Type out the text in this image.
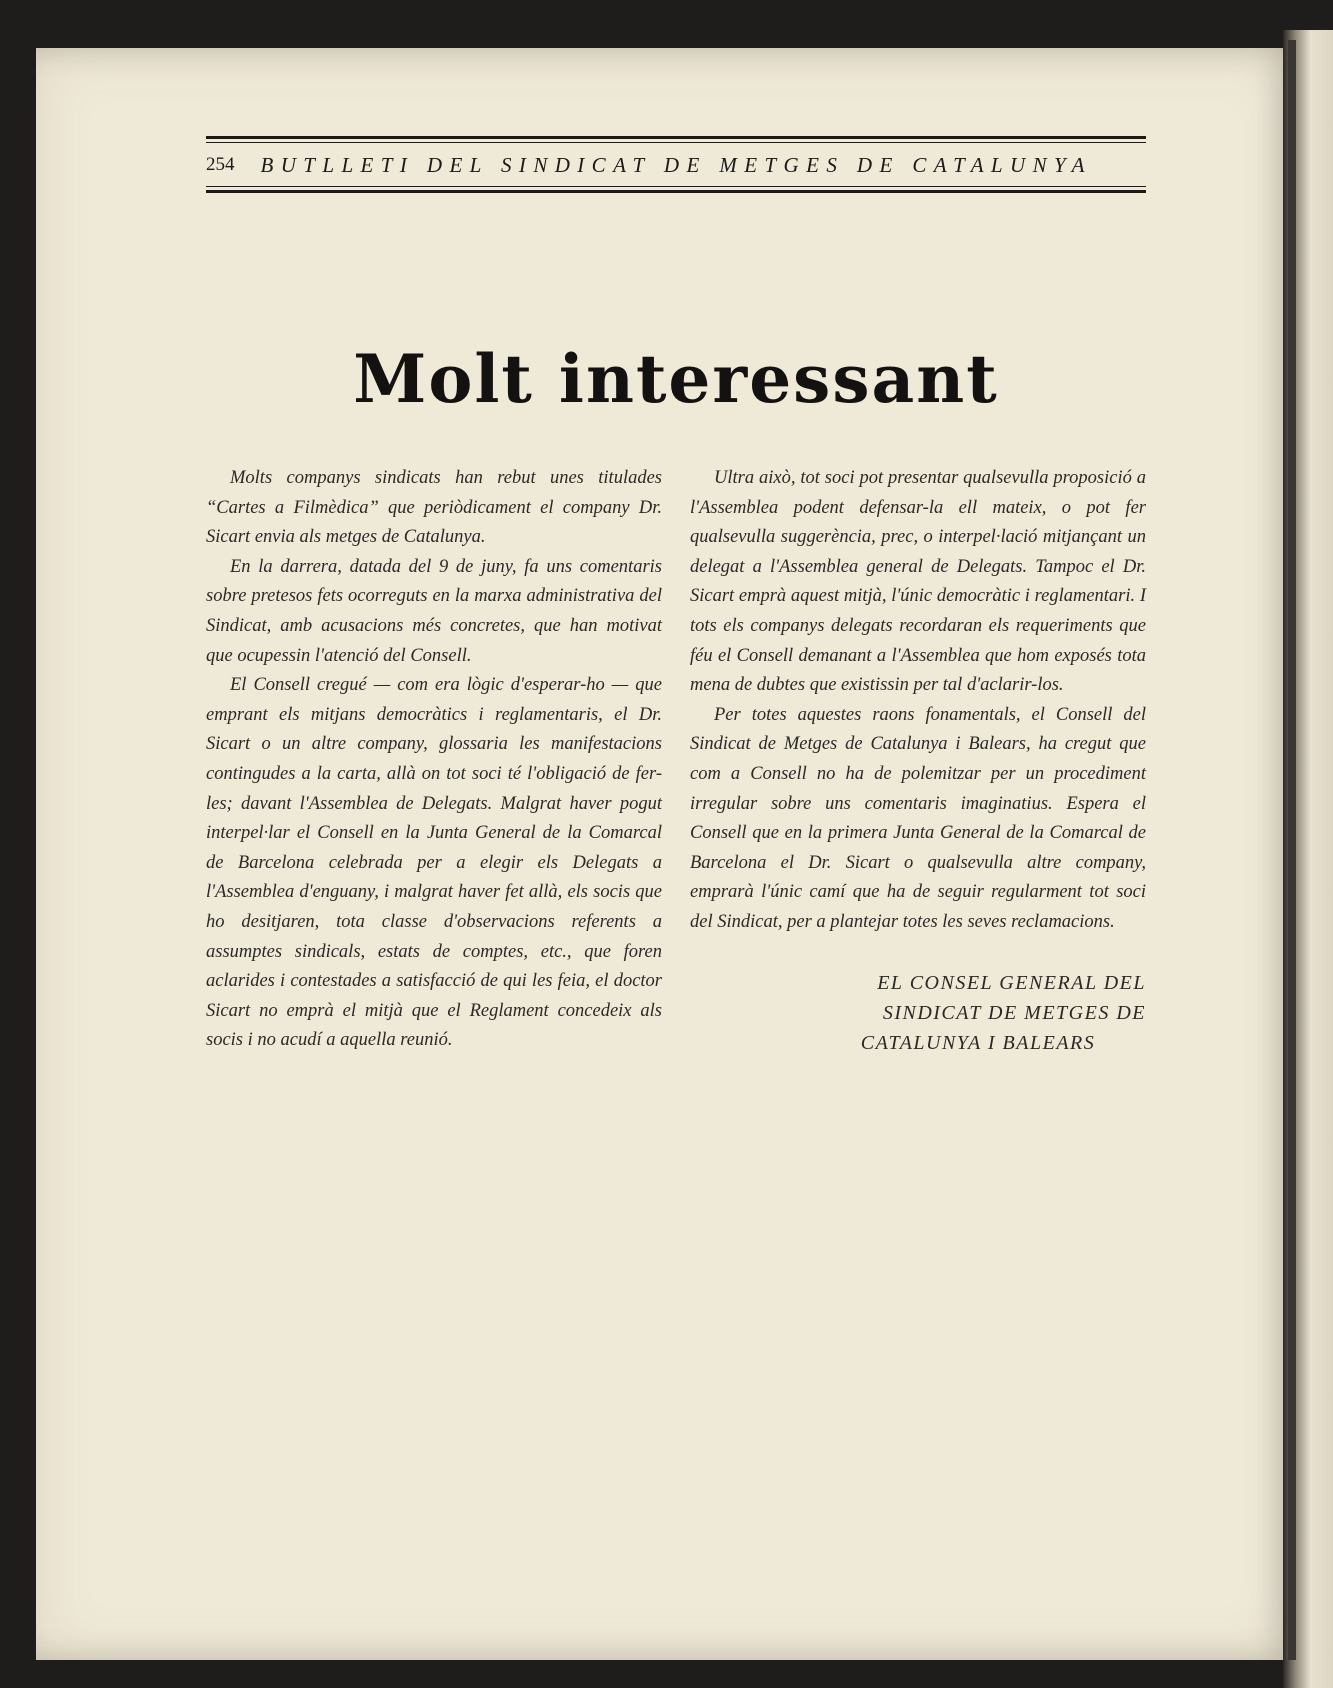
254	BUTLLETI DEL SINDICAT DE METGES DE CATALUNYA
Molt interessant

Molts companys sindicats han rebut unes titulades “Cartes a Filmèdica” que periòdicament el company Dr. Sicart envia als metges de Catalunya.

En la darrera, datada del 9 de juny, fa uns comentaris sobre pretesos fets ocorreguts en la marxa administrativa del Sindicat, amb acusacions més concretes, que han motivat que ocupessin l'atenció del Consell.

El Consell cregué — com era lògic d'esperar-ho — que emprant els mitjans democràtics i reglamentaris, el Dr. Sicart o un altre company, glossaria les manifestacions contingudes a la carta, allà on tot soci té l'obligació de fer-les; davant l'Assemblea de Delegats. Malgrat haver pogut interpel·lar el Consell en la Junta General de la Comarcal de Barcelona celebrada per a elegir els Delegats a l'Assemblea d'enguany, i malgrat haver fet allà, els socis que ho desitjaren, tota classe d'observacions referents a assumptes sindicals, estats de comptes, etc., que foren aclarides i contestades a satisfacció de qui les feia, el doctor Sicart no emprà el mitjà que el Reglament concedeix als socis i no acudí a aquella reunió.

Ultra això, tot soci pot presentar qualsevulla proposició a l'Assemblea podent defensar-la ell mateix, o pot fer qualsevulla suggerència, prec, o interpel·lació mitjançant un delegat a l'Assemblea general de Delegats. Tampoc el Dr. Sicart emprà aquest mitjà, l'únic democràtic i reglamentari. I tots els companys delegats recordaran els requeriments que féu el Consell demanant a l'Assemblea que hom exposés tota mena de dubtes que existissin per tal d'aclarir-los.

Per totes aquestes raons fonamentals, el Consell del Sindicat de Metges de Catalunya i Balears, ha cregut que com a Consell no ha de polemitzar per un procediment irregular sobre uns comentaris imaginatius. Espera el Consell que en la primera Junta General de la Comarcal de Barcelona el Dr. Sicart o qualsevulla altre company, emprarà l'únic camí que ha de seguir regularment tot soci del Sindicat, per a plantejar totes les seves reclamacions.

EL CONSEL GENERAL DEL
SINDICAT DE METGES DE
CATALUNYA I BALEARS
